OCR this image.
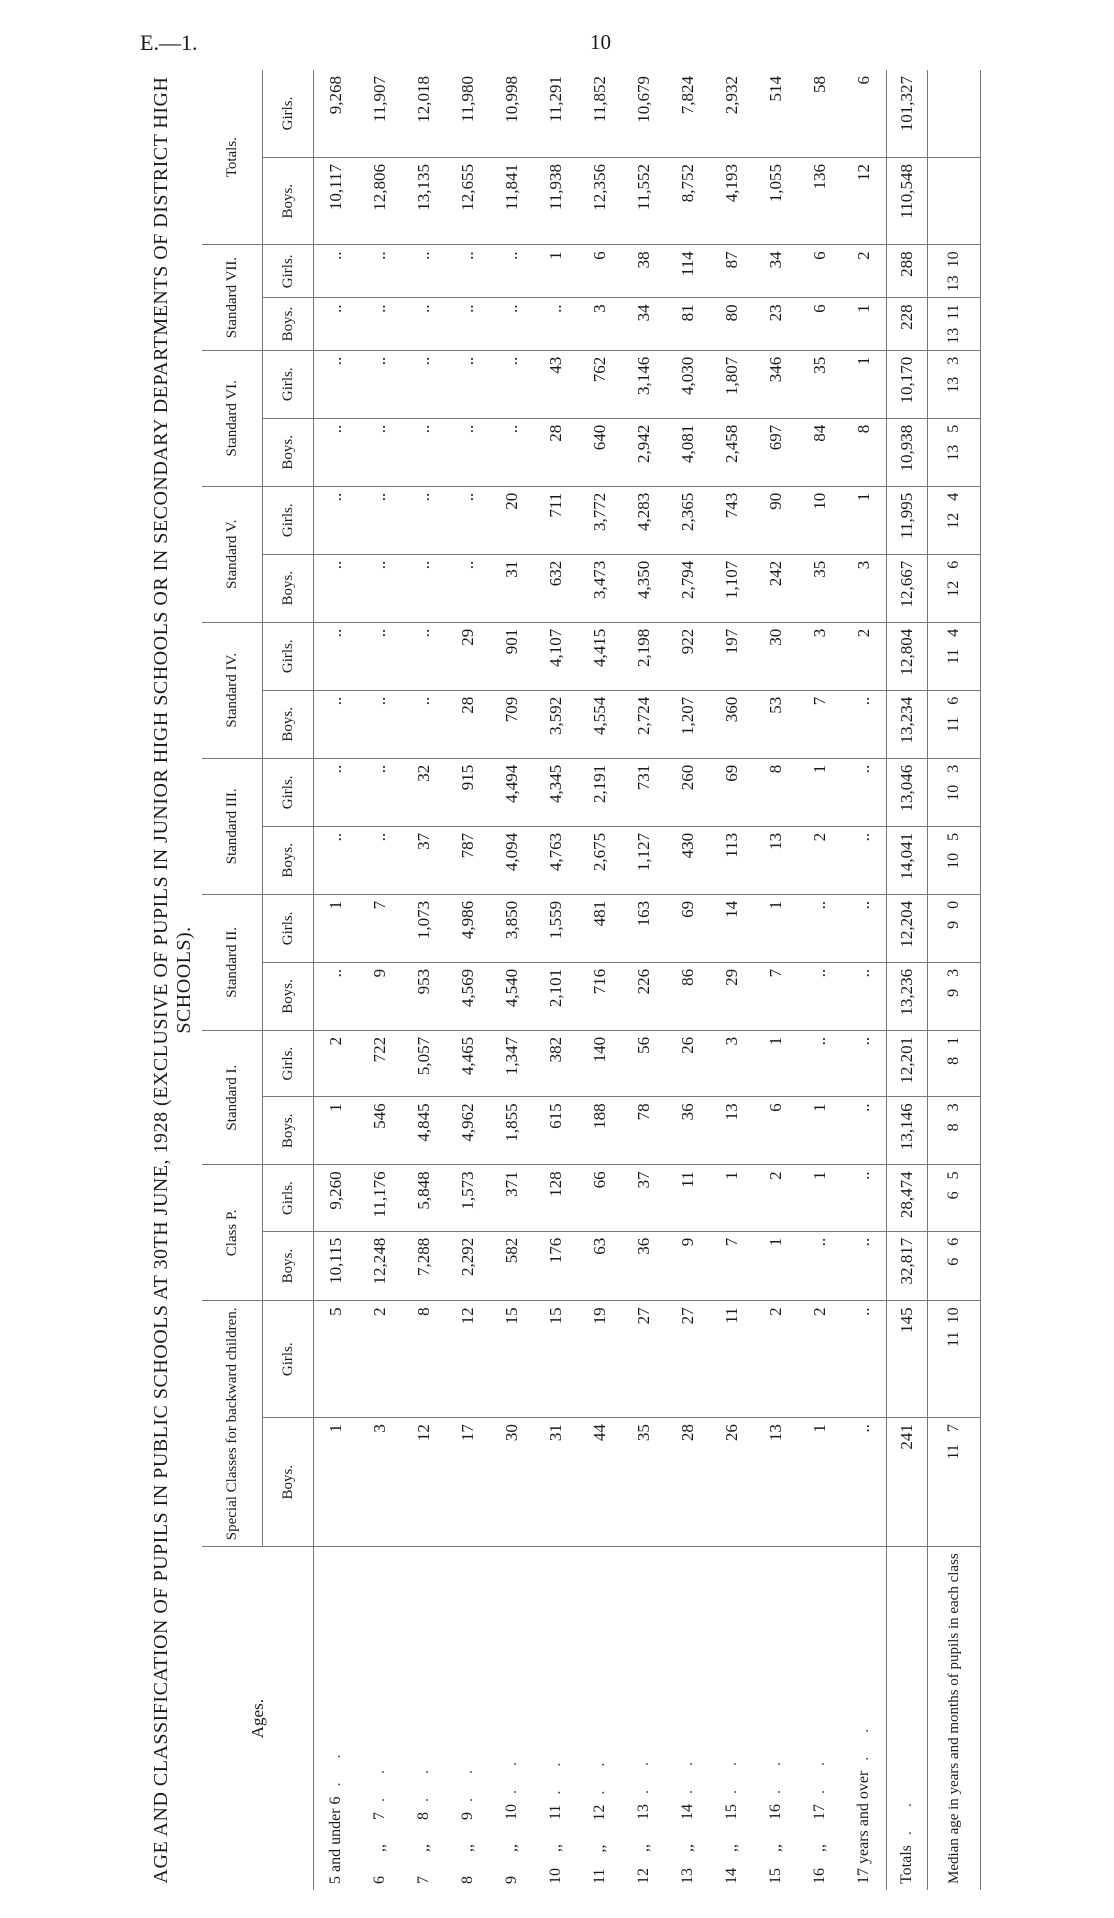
E.—1.	10
AGE AND CLASSIFICATION OF PUPILS IN PUBLIC SCHOOLS AT 30TH JUNE, 1928 (EXCLUSIVE OF PUPILS IN JUNIOR HIGH SCHOOLS OR IN SECONDARY DEPARTMENTS OF DISTRICT HIGH SCHOOLS).
Ages.	Special Classes for backward children.		Class P.		Standard I.		Standard II.		Standard III.		Standard IV.		Standard V.		Standard VI.		Standard VII.		Totals.	
	Boys.	Girls.	Boys.	Girls.	Boys.	Girls.	Boys.	Girls.	Boys.	Girls.	Boys.	Girls.	Boys.	Girls.	Boys.	Girls.	Boys.	Girls.	Boys.	Girls.
5 and under 6. .	1	5	10,115	9,260	1	2	..	1	..	..	..	..	..	..	..	..	..	..	10,117	9,268
6      ,,      7. .	3	2	12,248	11,176	546	722	9	7	..	..	..	..	..	..	..	..	..	..	12,806	11,907
7      ,,      8. .	12	8	7,288	5,848	4,845	5,057	953	1,073	37	32	..	..	..	..	..	..	..	..	13,135	12,018
8      ,,      9. .	17	12	2,292	1,573	4,962	4,465	4,569	4,986	787	915	28	29	..	..	..	..	..	..	12,655	11,980
9      ,,      10. .	30	15	582	371	1,855	1,347	4,540	3,850	4,094	4,494	709	901	31	20	..	..	..	..	11,841	10,998
10    ,,      11. .	31	15	176	128	615	382	2,101	1,559	4,763	4,345	3,592	4,107	632	711	28	43	..	1	11,938	11,291
11    ,,      12. .	44	19	63	66	188	140	716	481	2,675	2,191	4,554	4,415	3,473	3,772	640	762	3	6	12,356	11,852
12    ,,      13. .	35	27	36	37	78	56	226	163	1,127	731	2,724	2,198	4,350	4,283	2,942	3,146	34	38	11,552	10,679
13    ,,      14. .	28	27	9	11	36	26	86	69	430	260	1,207	922	2,794	2,365	4,081	4,030	81	114	8,752	7,824
14    ,,      15. .	26	11	7	1	13	3	29	14	113	69	360	197	1,107	743	2,458	1,807	80	87	4,193	2,932
15    ,,      16. .	13	2	1	2	6	1	7	1	13	8	53	30	242	90	697	346	23	34	1,055	514
16    ,,      17. .	1	2	..	1	1	..	..	..	2	1	7	3	35	10	84	35	6	6	136	58
17 years and over. .	..	..	..	..	..	..	..	..	..	..	..	2	3	1	8	1	1	2	12	6
Totals. .	241	145	32,817	28,474	13,146	12,201	13,236	12,204	14,041	13,046	13,234	12,804	12,667	11,995	10,938	10,170	228	288	110,548	101,327
Median age in years and months of pupils in each class	11   7	11  10	6   6	6   5	8   3	8   1	9   3	9   0	10   5	10   3	11   6	11   4	12   6	12   4	13   5	13   3	13  11	13  10		
